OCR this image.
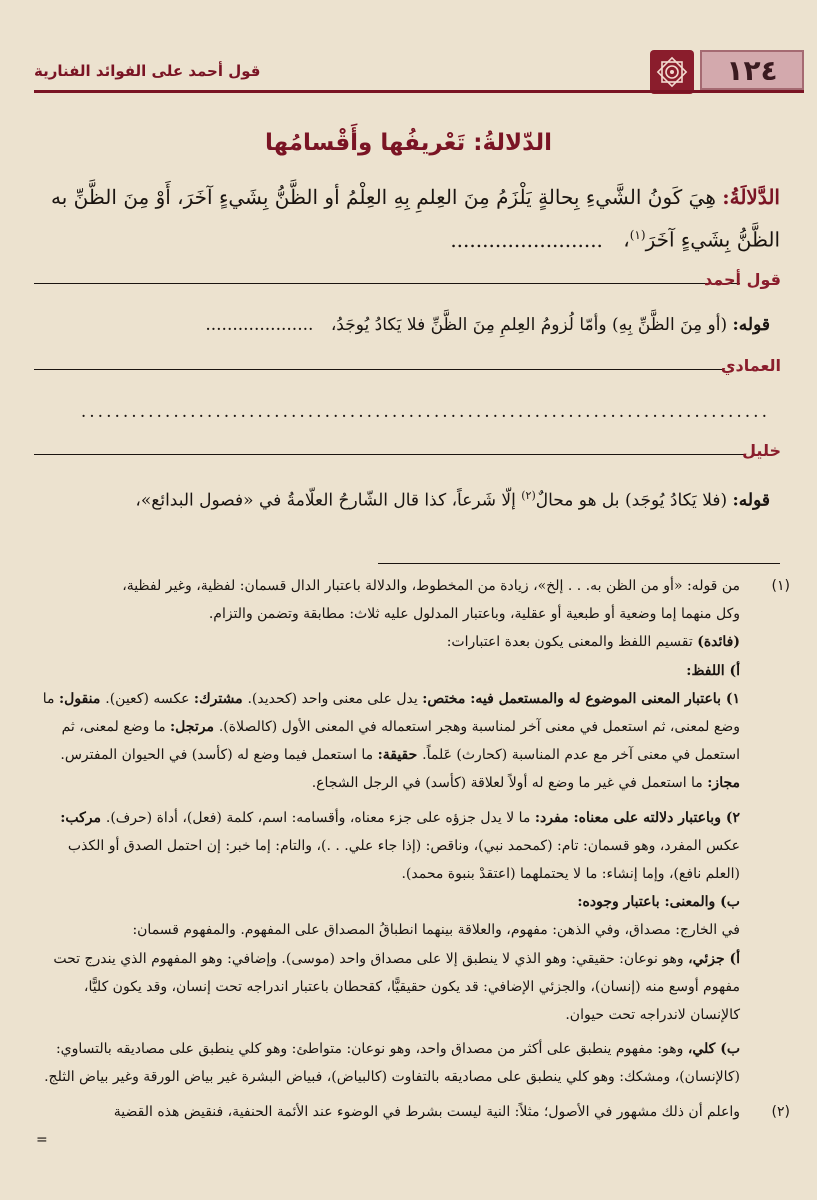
١٢٤
قول أحمد على الفوائد الفنارية
الدّلالةُ: تَعْريفُها وأَقْسامُها
الدَّلالَةُ: هِيَ كَونُ الشَّيءِ بِحالةٍ يَلْزَمُ مِنَ العِلمِ بِهِ العِلْمُ أو الظَّنُّ بِشَيءٍ آخَرَ، أَوْ مِنَ الظَّنِّ به الظَّنُّ بِشَيءٍ آخَرَ$^{(١)}$، ........................
قول أحمد
قوله: (أو مِنَ الظَّنِّ بِهِ) وأمّا لُزومُ العِلمِ مِنَ الظَّنِّ فلا يَكادُ يُوجَدُ، ....................
العمادي
..................................................................................
خليل
قوله: (فلا يَكادُ يُوجَد) بل هو محالٌ$^{(٢)}$ إلّا شَرعاً، كذا قال الشّارحُ العلّامةُ في «فصول البدائع»،
(١)
من قوله: «أو من الظن به. . . إلخ»، زيادة من المخطوط، والدلالة باعتبار الدال قسمان: لفظية، وغير لفظية،
وكل منهما إما وضعية أو طبعية أو عقلية، وباعتبار المدلول عليه ثلاث: مطابقة وتضمن والتزام.
(فائدة) تقسيم اللفظ والمعنى يكون بعدة اعتبارات:
أ) اللفظ:
١) باعتبار المعنى الموضوع له والمستعمل فيه: مختص: يدل على معنى واحد (كحديد). مشترك: عكسه (كعين). منقول: ما وضع لمعنى، ثم استعمل في معنى آخر لمناسبة وهجر استعماله في المعنى الأول (كالصلاة). مرتجل: ما وضع لمعنى، ثم استعمل في معنى آخر مع عدم المناسبة (كحارث) عَلماً. حقيقة: ما استعمل فيما وضع له (كأسد) في الحيوان المفترس. مجاز: ما استعمل في غير ما وضع له أولاً لعلاقة (كأسد) في الرجل الشجاع.
٢) وباعتبار دلالته على معناه: مفرد: ما لا يدل جزؤه على جزء معناه، وأقسامه: اسم، كلمة (فعل)، أداة (حرف). مركب: عكس المفرد، وهو قسمان: تام: (كمحمد نبي)، وناقص: (إذا جاء علي. . .)، والتام: إما خبر: إن احتمل الصدق أو الكذب (العلم نافع)، وإما إنشاء: ما لا يحتملهما (اعتقدْ بنبوة محمد).
ب) والمعنى: باعتبار وجوده:
في الخارج: مصداق، وفي الذهن: مفهوم، والعلاقة بينهما انطباقُ المصداق على المفهوم. والمفهوم قسمان:
أ) جزئي، وهو نوعان: حقيقي: وهو الذي لا ينطبق إلا على مصداق واحد (موسى). وإضافي: وهو المفهوم الذي يندرج تحت مفهوم أوسع منه (إنسان)، والجزئي الإضافي: قد يكون حقيقيًّا، كقحطان باعتبار اندراجه تحت إنسان، وقد يكون كليًّا، كالإنسان لاندراجه تحت حيوان.
ب) كلي، وهو: مفهوم ينطبق على أكثر من مصداق واحد، وهو نوعان: متواطئ: وهو كلي ينطبق على مصاديقه بالتساوي: (كالإنسان)، ومشكك: وهو كلي ينطبق على مصاديقه بالتفاوت (كالبياض)، فبياض البشرة غير بياض الورقة وغير بياض الثلج.
(٢)
واعلم أن ذلك مشهور في الأصول؛ مثلاً: النية ليست بشرط في الوضوء عند الأئمة الحنفية، فنقيض هذه القضية
=
